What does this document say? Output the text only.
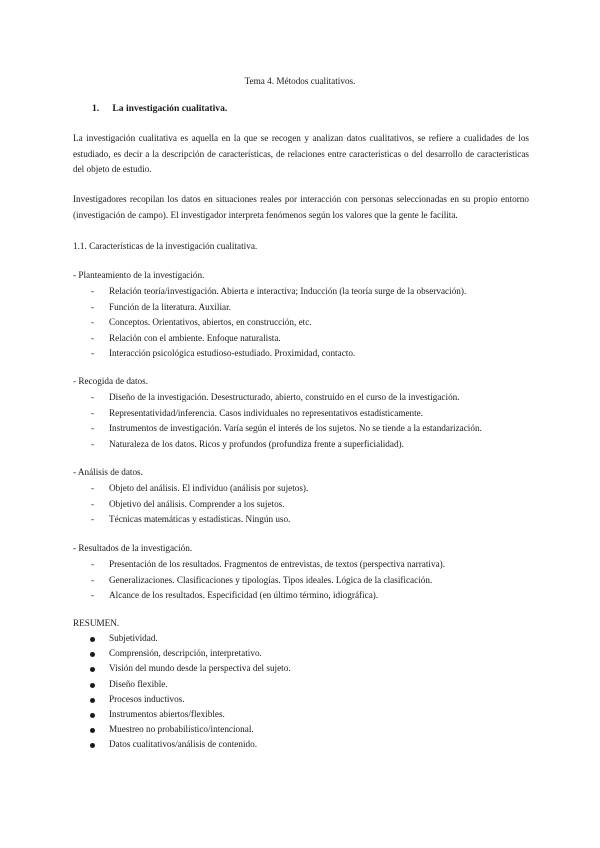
Tema 4. Métodos cualitativos.
1. La investigación cualitativa.
La investigación cualitativa es aquella en la que se recogen y analizan datos cualitativos, se refiere a cualidades de los estudiado, es decir a la descripción de características, de relaciones entre características o del desarrollo de características del objeto de estudio.
Investigadores recopilan los datos en situaciones reales por interacción con personas seleccionadas en su propio entorno (investigación de campo). El investigador interpreta fenómenos según los valores que la gente le facilita.
1.1. Características de la investigación cualitativa.
- Planteamiento de la investigación.
- Relación teoría/investigación. Abierta e interactiva; Inducción (la teoría surge de la observación).
- Función de la literatura. Auxiliar.
- Conceptos. Orientativos, abiertos, en construcción, etc.
- Relación con el ambiente. Enfoque naturalista.
- Interacción psicológica estudioso-estudiado. Proximidad, contacto.
- Recogida de datos.
- Diseño de la investigación. Desestructurado, abierto, construido en el curso de la investigación.
- Representatividad/inferencia. Casos individuales no representativos estadísticamente.
- Instrumentos de investigación. Varía según el interés de los sujetos. No se tiende a la estandarización.
- Naturaleza de los datos. Ricos y profundos (profundiza frente a superficialidad).
- Análisis de datos.
- Objeto del análisis. El individuo (análisis por sujetos).
- Objetivo del análisis. Comprender a los sujetos.
- Técnicas matemáticas y estadísticas. Ningún uso.
- Resultados de la investigación.
- Presentación de los resultados. Fragmentos de entrevistas, de textos (perspectiva narrativa).
- Generalizaciones. Clasificaciones y tipologías. Tipos ideales. Lógica de la clasificación.
- Alcance de los resultados. Especificidad (en último término, idiográfica).
RESUMEN.
Subjetividad.
Comprensión, descripción, interpretativo.
Visión del mundo desde la perspectiva del sujeto.
Diseño flexible.
Procesos inductivos.
Instrumentos abiertos/flexibles.
Muestreo no probabilístico/intencional.
Datos cualitativos/análisis de contenido.
